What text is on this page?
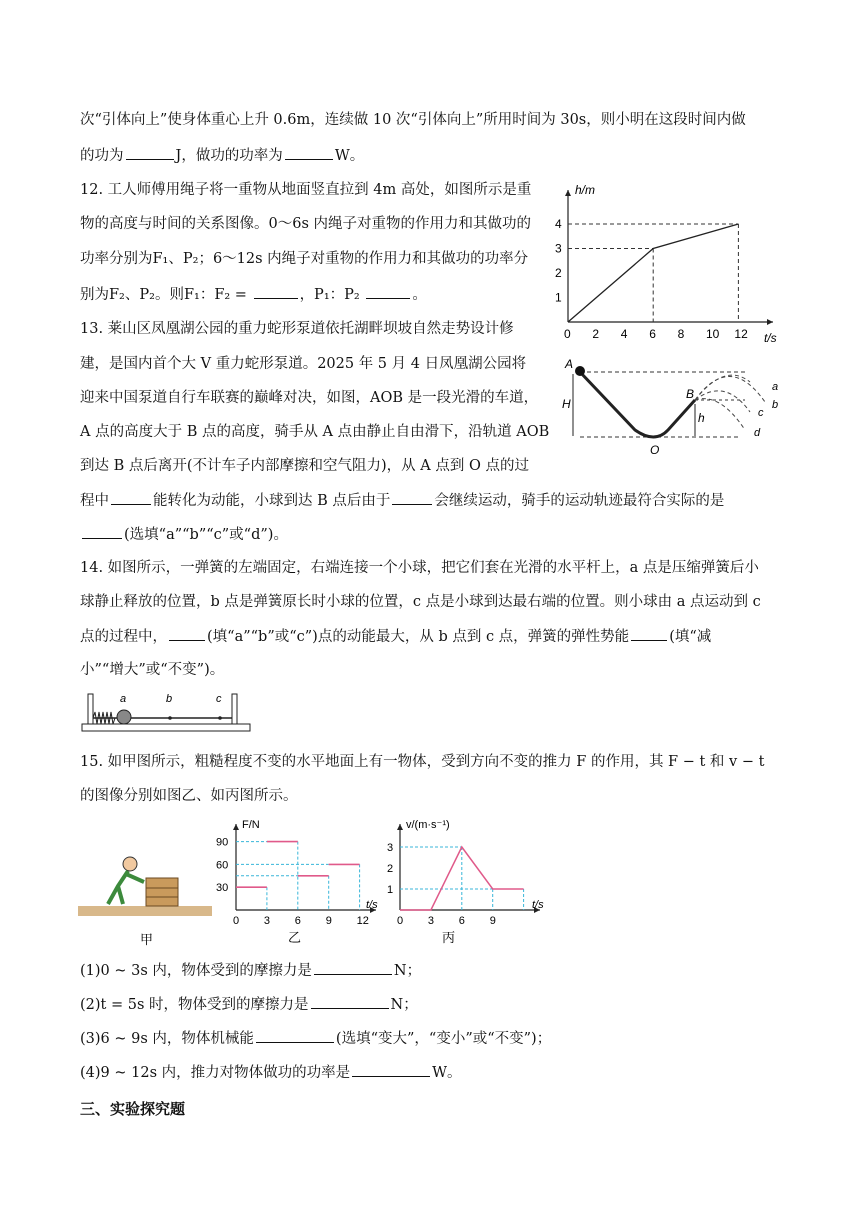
次“引体向上”使身体重心上升 0.6m，连续做 10 次“引体向上”所用时间为 30s，则小明在这段时间内做
的功为	J，做功的功率为	W。
12. 工人师傅用绳子将一重物从地面竖直拉到 4m 高处，如图所示是重
物的高度与时间的关系图像。0～6s 内绳子对重物的作用力和其做功的
功率分别为F₁、P₂；6～12s 内绳子对重物的作用力和其做功的功率分
别为F₂、P₂。则F₁：F₂ =	，P₁：P₂	。
0 2 4 6 8 10 12
1
2
3
4
h/m
t/s
13. 莱山区凤凰湖公园的重力蛇形泵道依托湖畔坝坡自然走势设计修
建，是国内首个大 V 重力蛇形泵道。2025 年 5 月 4 日凤凰湖公园将
迎来中国泵道自行车联赛的巅峰对决，如图，AOB 是一段光滑的车道，
A 点的高度大于 B 点的高度，骑手从 A 点由静止自由滑下，沿轨道 AOB
到达 B 点后离开(不计车子内部摩擦和空气阻力)，从 A 点到 O 点的过
程中	能转化为动能，小球到达 B 点后由于	会继续运动，骑手的运动轨迹最符合实际的是
(选填“a”“b”“c”或“d”)。
A
B
O
H
h
a
b
c
d
14. 如图所示，一弹簧的左端固定，右端连接一个小球，把它们套在光滑的水平杆上，a 点是压缩弹簧后小
球静止释放的位置，b 点是弹簧原长时小球的位置，c 点是小球到达最右端的位置。则小球由 a 点运动到 c
点的过程中，	(填“a”“b”或“c”)点的动能最大，从 b 点到 c 点，弹簧的弹性势能	(填“减
小”“增大”或“不变”)。
a	b	c
15. 如甲图所示，粗糙程度不变的水平地面上有一物体，受到方向不变的推力 F 的作用，其 F − t 和 v − t
的图像分别如图乙、如丙图所示。
甲
0 3 6 9 12
30
60
90
F/N
t/s
乙
0 3 6 9
1
2
3
v/(m·s⁻¹)
t/s
丙
(1)0 ~ 3s 内，物体受到的摩擦力是	N；
(2)t = 5s 时，物体受到的摩擦力是	N；
(3)6 ~ 9s 内，物体机械能	(选填“变大”，“变小”或“不变”)；
(4)9 ~ 12s 内，推力对物体做功的功率是	W。
三、实验探究题
